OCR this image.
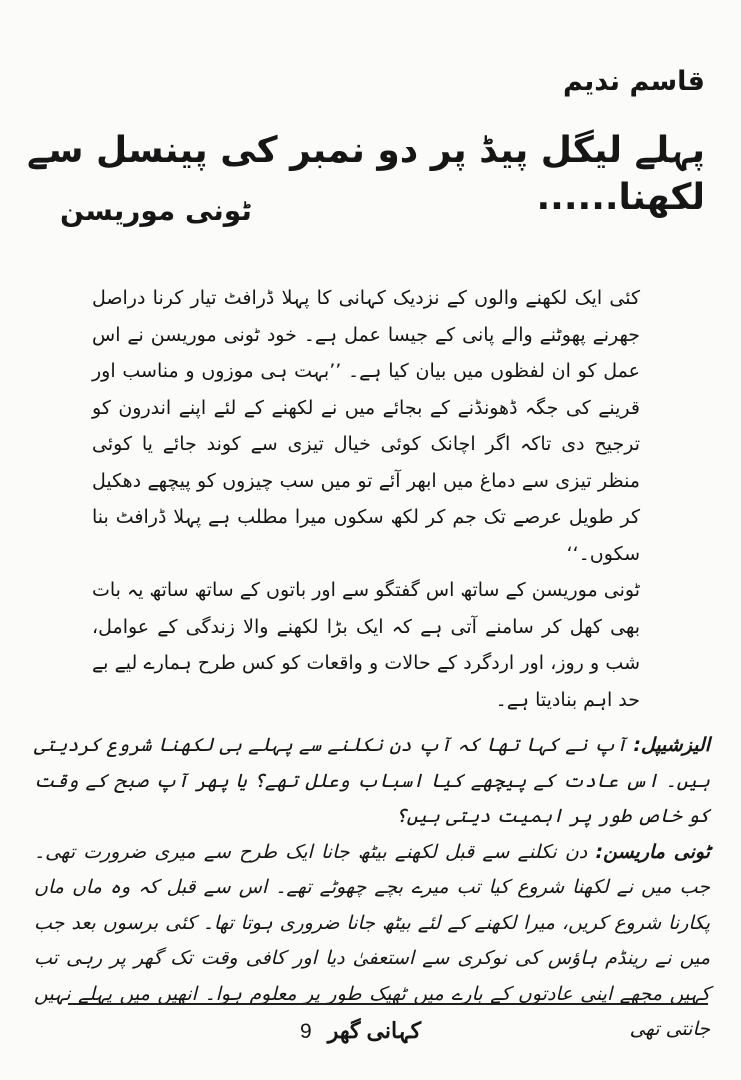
قاسم ندیم
پہلے لیگل پیڈ پر دو نمبر کی پینسل سے لکھنا......
ٹونی موریسن

کئی ایک لکھنے والوں کے نزدیک کہانی کا پہلا ڈرافٹ تیار کرنا دراصل جھرنے پھوٹنے والے پانی کے جیسا عمل ہے۔ خود ٹونی موریسن نے اس عمل کو ان لفظوں میں بیان کیا ہے۔ ’’بہت ہی موزوں و مناسب اور قرینے کی جگہ ڈھونڈنے کے بجائے میں نے لکھنے کے لئے اپنے اندرون کو ترجیح دی تاکہ اگر اچانک کوئی خیال تیزی سے کوند جائے یا کوئی منظر تیزی سے دماغ میں ابھر آئے تو میں سب چیزوں کو پیچھے دھکیل کر طویل عرصے تک جم کر لکھ سکوں میرا مطلب ہے پہلا ڈرافٹ بنا سکوں۔‘‘

ٹونی موریسن کے ساتھ اس گفتگو سے اور باتوں کے ساتھ ساتھ یہ بات بھی کھل کر سامنے آتی ہے کہ ایک بڑا لکھنے والا زندگی کے عوامل، شب و روز، اور اردگرد کے حالات و واقعات کو کس طرح ہمارے لیے بے حد اہم بنادیتا ہے۔

الیزشیپل: آپ نے کہا تھا کہ آپ دن نکلنے سے پہلے ہی لکھنا شروع کردیتی ہیں۔ اس عادت کے پیچھے کیا اسباب وعلل تھے؟ یا پھر آپ صبح کے وقت کو خاص طور پر اہمیت دیتی ہیں؟

ٹونی ماریسن: دن نکلنے سے قبل لکھنے بیٹھ جانا ایک طرح سے میری ضرورت تھی۔ جب میں نے لکھنا شروع کیا تب میرے بچے چھوٹے تھے۔ اس سے قبل کہ وہ ماں ماں پکارنا شروع کریں، میرا لکھنے کے لئے بیٹھ جانا ضروری ہوتا تھا۔ کئی برسوں بعد جب میں نے رینڈم ہاؤس کی نوکری سے استعفیٰ دیا اور کافی وقت تک گھر پر رہی تب کہیں مجھے اپنی عادتوں کے بارے میں ٹھیک طور پر معلوم ہوا۔ انھیں میں پہلے نہیں جانتی تھی

9 کہانی گھر
